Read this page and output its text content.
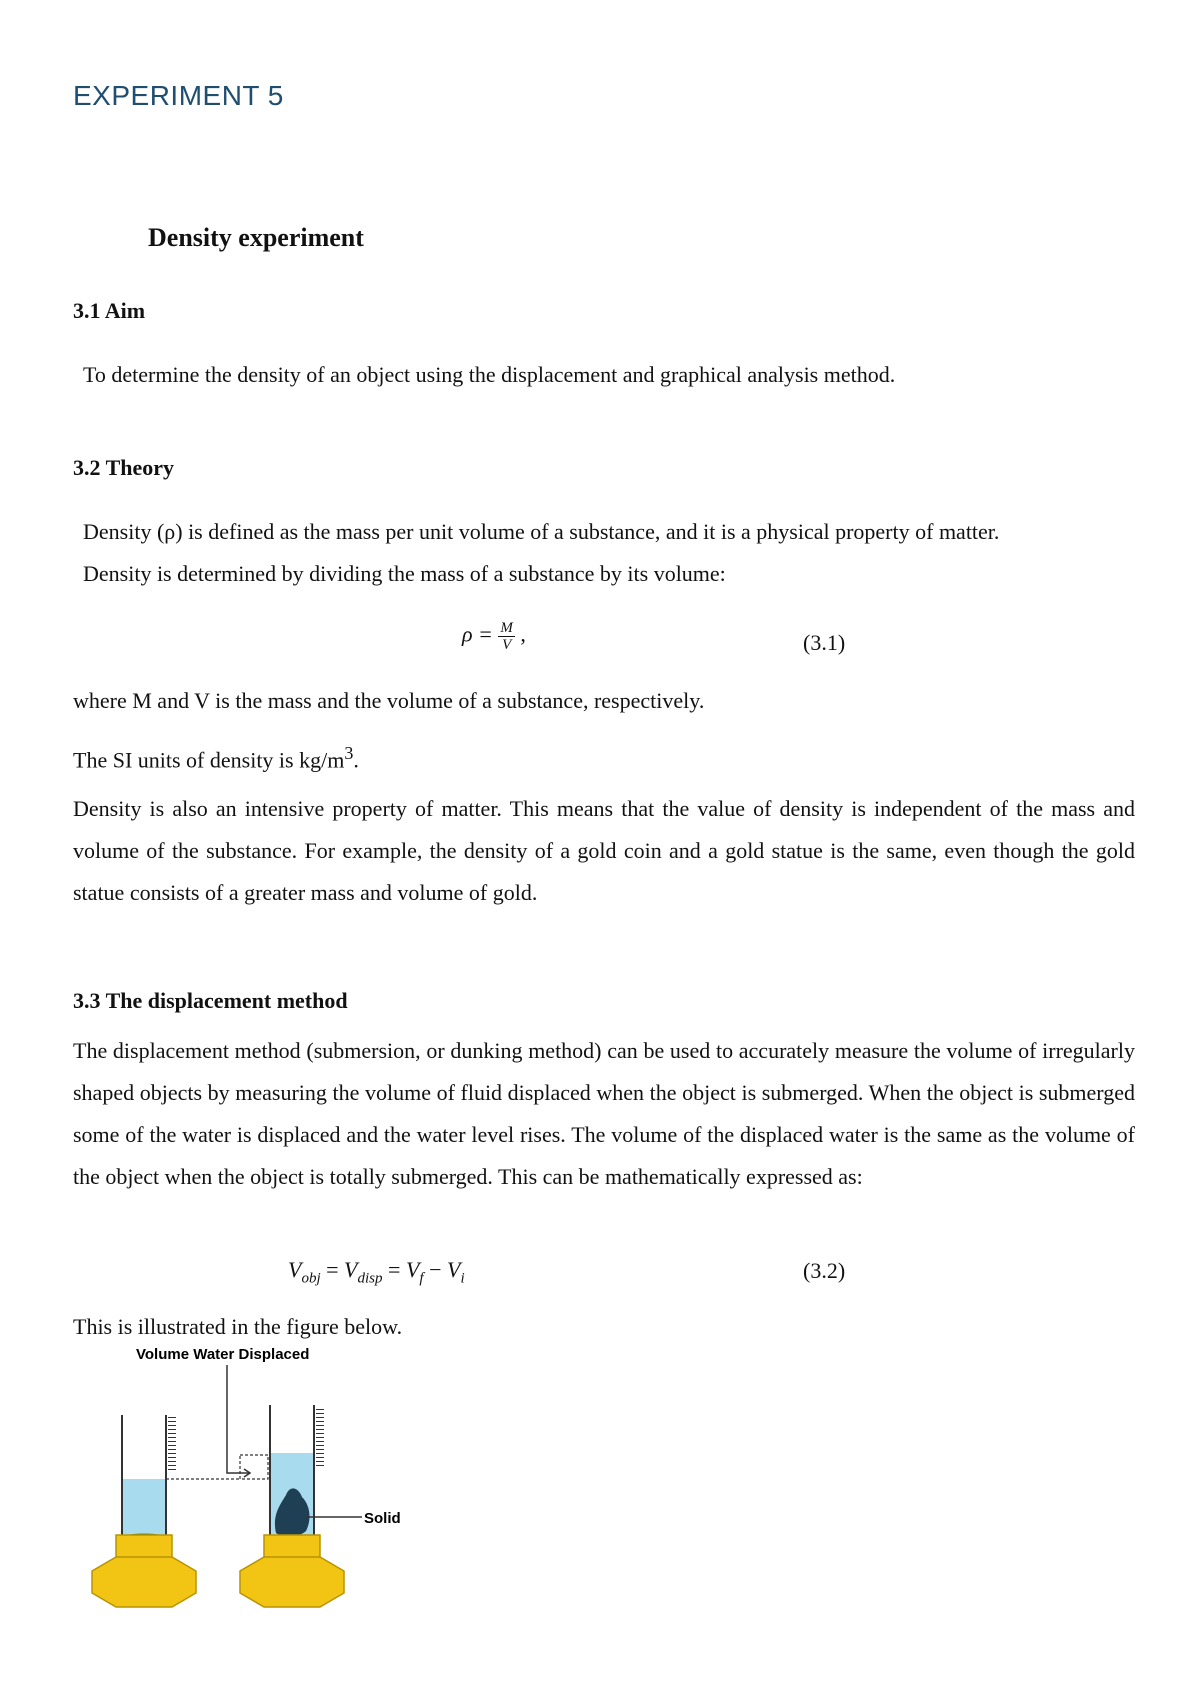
EXPERIMENT 5
Density experiment
3.1 Aim
To determine the density of an object using the displacement and graphical analysis method.
3.2 Theory
Density (ρ) is defined as the mass per unit volume of a substance, and it is a physical property of matter.
Density is determined by dividing the mass of a substance by its volume:
$\rho = \frac{M}{V}$ ,	(3.1)
where M and V is the mass and the volume of a substance, respectively.
The SI units of density is $kg/m^3$.
Density is also an intensive property of matter. This means that the value of density is independent of the mass and volume of the substance. For example, the density of a gold coin and a gold statue is the same, even though the gold statue consists of a greater mass and volume of gold.
3.3 The displacement method
The displacement method (submersion, or dunking method) can be used to accurately measure the volume of irregularly shaped objects by measuring the volume of fluid displaced when the object is submerged. When the object is submerged some of the water is displaced and the water level rises. The volume of the displaced water is the same as the volume of the object when the object is totally submerged. This can be mathematically expressed as:
$V_{obj} = V_{disp} = V_f - V_i$	(3.2)
This is illustrated in the figure below.
Volume Water Displaced
Solid
